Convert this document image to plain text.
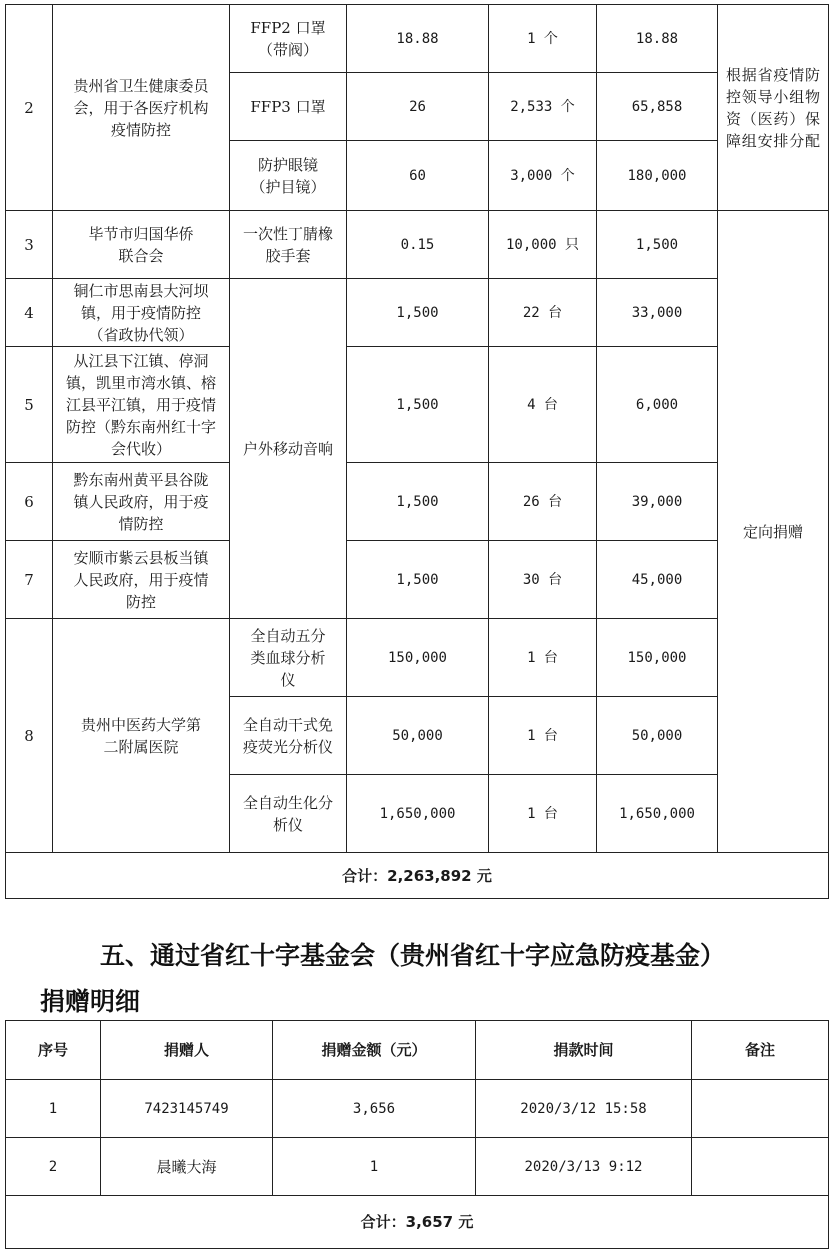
2	贵州省卫生健康委员会，用于各医疗机构疫情防控	FFP2 口罩（带阀）	18.88	1 个	18.88	根据省疫情防控领导小组物资（医药）保障组安排分配
		FFP3 口罩	26	2,533 个	65,858	
		防护眼镜（护目镜）	60	3,000 个	180,000	
3	毕节市归国华侨联合会	一次性丁腈橡胶手套	0.15	10,000 只	1,500	定向捐赠
4	铜仁市思南县大河坝镇，用于疫情防控（省政协代领）	户外移动音响	1,500	22 台	33,000	
5	从江县下江镇、停洞镇，凯里市湾水镇、榕江县平江镇，用于疫情防控（黔东南州红十字会代收）		1,500	4 台	6,000	
6	黔东南州黄平县谷陇镇人民政府，用于疫情防控		1,500	26 台	39,000	
7	安顺市紫云县板当镇人民政府，用于疫情防控		1,500	30 台	45,000	
8	贵州中医药大学第二附属医院	全自动五分类血球分析仪	150,000	1 台	150,000	
		全自动干式免疫荧光分析仪	50,000	1 台	50,000	
		全自动生化分析仪	1,650,000	1 台	1,650,000	
合计：2,263,892 元						
五、通过省红十字基金会（贵州省红十字应急防疫基金）
捐赠明细
序号	捐赠人	捐赠金额（元）	捐款时间	备注
1	7423145749	3,656	2020/3/12 15:58	
2	晨曦大海	1	2020/3/13 9:12	
合计：3,657 元				
